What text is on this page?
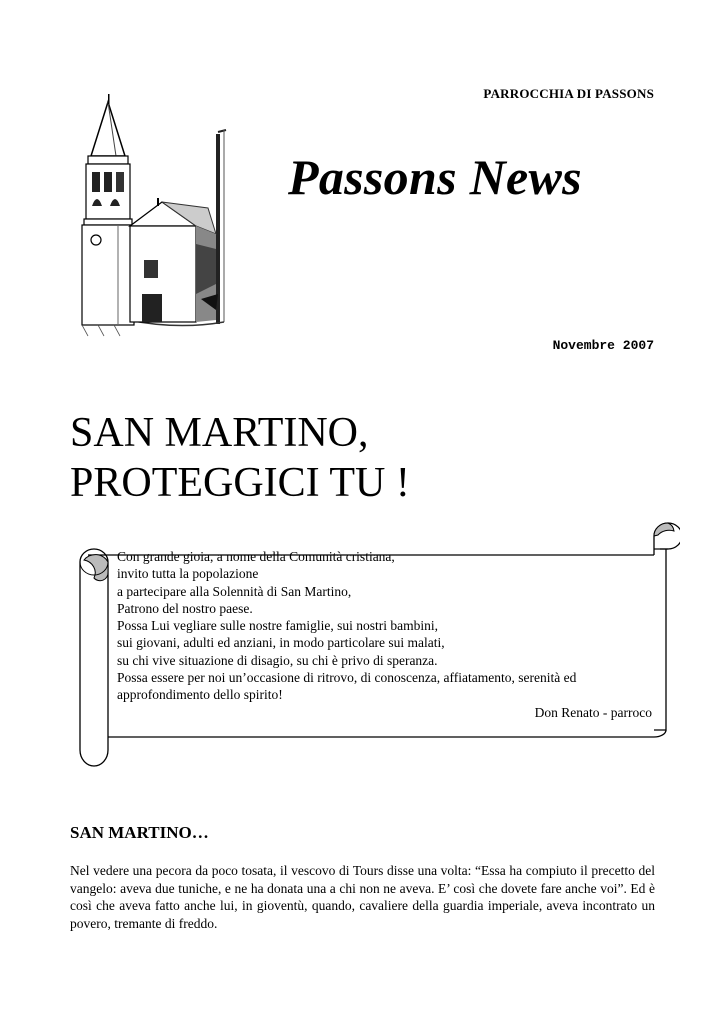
PARROCCHIA DI PASSONS
Passons News
Novembre 2007
SAN MARTINO,
PROTEGGICI TU !
Con grande gioia, a nome della Comunità cristiana,
invito tutta la popolazione
a partecipare alla Solennità di San Martino,
Patrono del nostro paese.
Possa Lui vegliare sulle nostre famiglie, sui nostri bambini,
sui giovani, adulti ed anziani, in modo particolare sui malati,
su chi vive situazione di disagio, su chi è privo di speranza.
Possa essere per noi un’occasione di ritrovo, di conoscenza, affiatamento, serenità ed
approfondimento dello spirito!
Don Renato - parroco
SAN MARTINO…

Nel vedere una pecora da poco tosata, il vescovo di Tours disse una volta: “Essa ha compiuto il precetto del vangelo: aveva due tuniche, e ne ha donata una a chi non ne aveva. E’ così che dovete fare anche voi”. Ed è così che aveva fatto anche lui, in gioventù, quando, cavaliere della guardia imperiale, aveva incontrato un povero, tremante di freddo.
